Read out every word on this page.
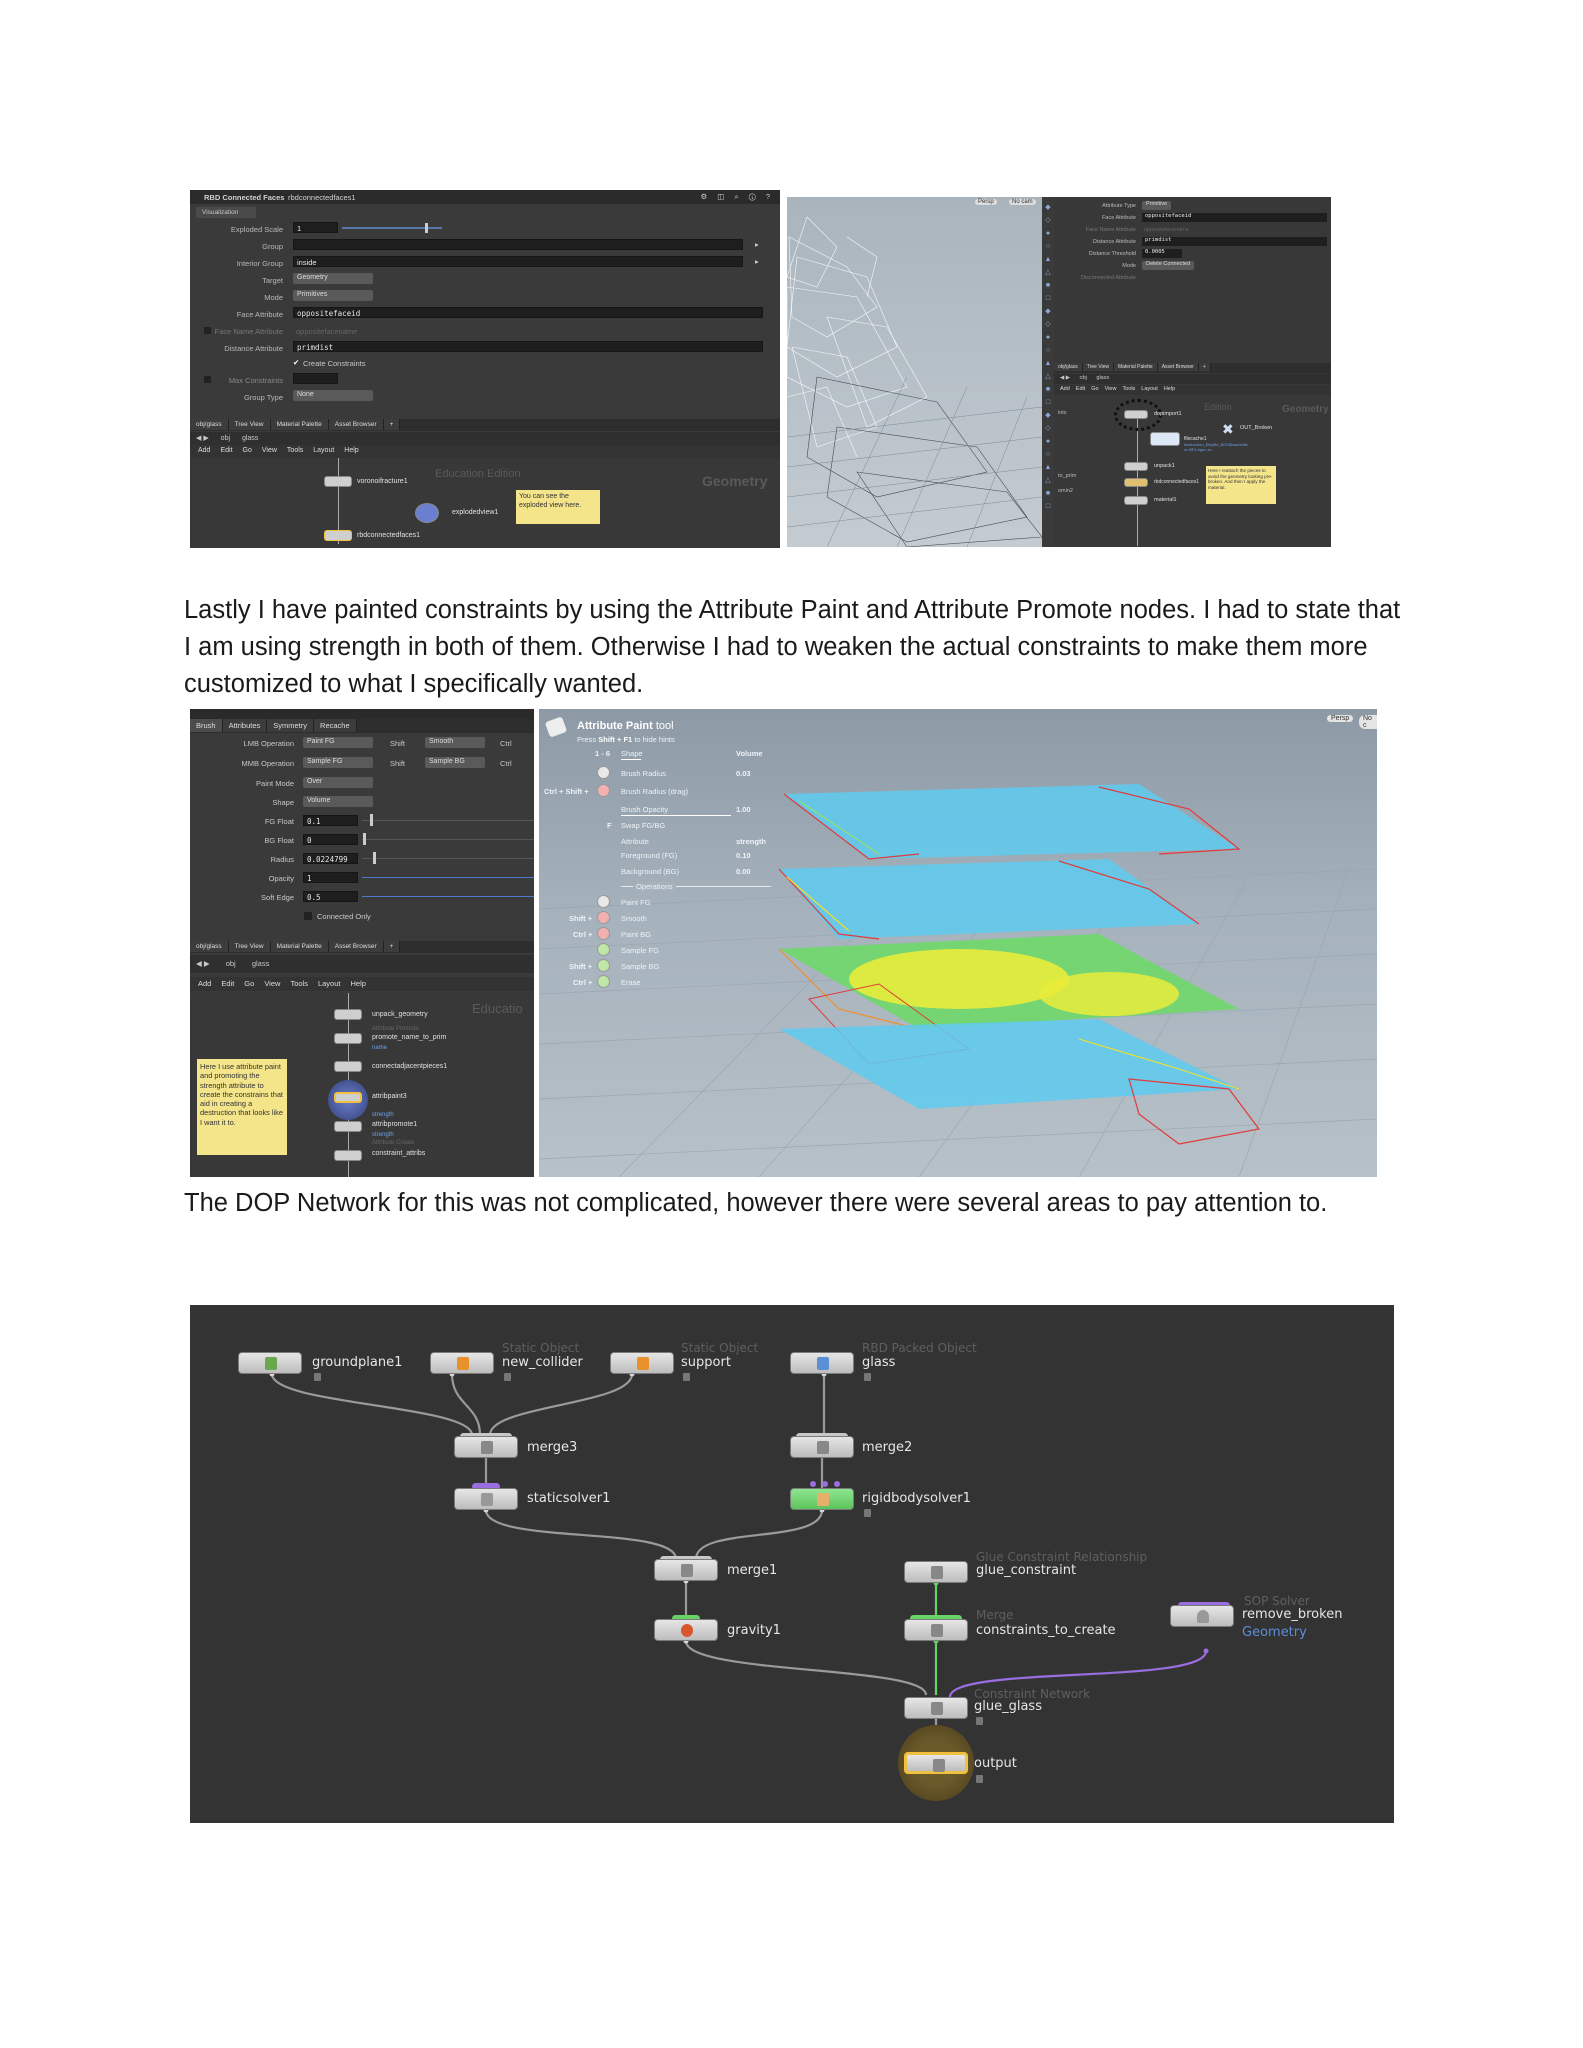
RBD Connected Faces rbdconnectedfaces1	⚙ ◫ ⌕ ⓘ ?
Visualization
Exploded Scale	1
Group	▸
Interior Group	inside	▸
Target	Geometry
Mode	Primitives
Face Attribute	oppositefaceid
Face Name Attribute oppositefacename
Distance Attribute	primdist
✔ Create Constraints
Max Constraints
Group Type	None
obj/glass Tree View Material Palette Asset Browser +
◀ ▶ obj glass
Add Edit Go View Tools Layout Help
Education Edition	Geometry
voronoifracture1
explodedview1
rbdconnectedfaces1
You can see the exploded view here.
Persp	No cam
◆
◇
●
○
▲
△
■
□
◆
◇
●
○
▲
△
■
□
◆
◇
●
○
▲
△
■
□
Attribute Type	Primitive
Face Attribute	oppositefaceid
Face Name Attribute oppositefacename
Distance Attribute	primdist
Distance Threshold	0.0005
Mode	Delete Connected
Disconnected Attribute
obj/glass Tree View Material Palette Asset Browser +
◀ ▶ obj glass
Add Edit Go View Tools Layout Help
Edition	Geometry
ints
to_prim
omin2
dopimport1
filecache1
destruction_$hipfile_$OS/$cachefile
on $F4.bgeo.sc
unpack1
rbdconnectedfaces1
material1
✖ OUT_Broken
Here I reattach the pieces to avoid the geometry looking pre-broken. And then I apply the material.
Lastly I have painted constraints by using the Attribute Paint and Attribute Promote nodes. I had to state that I am using strength in both of them. Otherwise I had to weaken the actual constraints to make them more customized to what I specifically wanted.
Brush Attributes Symmetry Recache
LMB Operation	Paint FG	Shift	Smooth	Ctrl
MMB Operation	Sample FG	Shift	Sample BG	Ctrl
Paint Mode	Over
Shape	Volume
FG Float	0.1
BG Float	0
Radius	0.0224799
Opacity	1
Soft Edge	0.5
Connected Only
obj/glass Tree View Material Palette Asset Browser +
◀ ▶ obj glass
Add Edit Go View Tools Layout Help
Educatio
unpack_geometry
Attribute Promote
promote_name_to_prim
name
connectadjacentpieces1
attribpaint3
attribpromote1
strength
strength
Attribute Create
constraint_attribs
Here I use attribute paint and promoting the strength attribute to create the constrains that aid in creating a destruction that looks like I want it to.
Attribute Paint tool
Press Shift + F1 to hide hints
1 - 6 Shape	Volume
Brush Radius	0.03
Ctrl + Shift +	Brush Radius (drag)
Brush Opacity	1.00
F Swap FG/BG
Attribute	strength
Foreground (FG)	0.10
Background (BG)	0.00
Operations
Paint FG
Shift +	Smooth
Ctrl +	Paint BG
Sample FG
Shift +	Sample BG
Ctrl +	Erase
Persp	No c
The DOP Network for this was not complicated, however there were several areas to pay attention to.
groundplane1
Static Object
new_collider
Static Object
support
RBD Packed Object
glass
merge3	merge2
staticsolver1	rigidbodysolver1
merge1
Glue Constraint Relationship
glue_constraint
gravity1
Merge
constraints_to_create
SOP Solver
remove_broken
Geometry
Constraint Network
glue_glass
output
